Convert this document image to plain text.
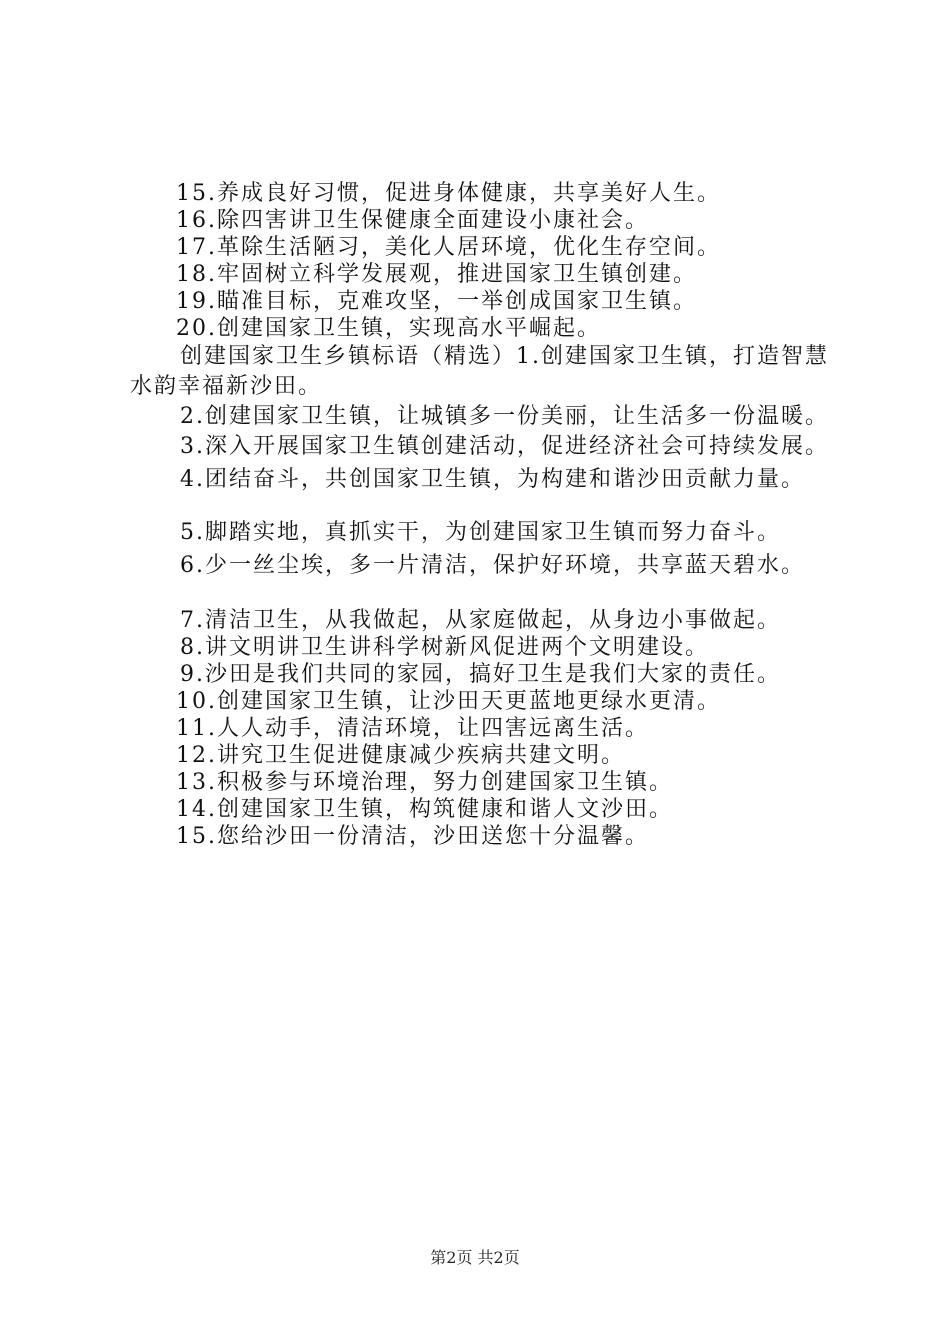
15.养成良好习惯，促进身体健康，共享美好人生。
16.除四害讲卫生保健康全面建设小康社会。
17.革除生活陋习，美化人居环境，优化生存空间。
18.牢固树立科学发展观，推进国家卫生镇创建。
19.瞄准目标，克难攻坚，一举创成国家卫生镇。
20.创建国家卫生镇，实现高水平崛起。
创建国家卫生乡镇标语（精选）1.创建国家卫生镇，打造智慧水韵幸福新沙田。
2.创建国家卫生镇，让城镇多一份美丽，让生活多一份温暖。
3.深入开展国家卫生镇创建活动，促进经济社会可持续发展。
4.团结奋斗，共创国家卫生镇，为构建和谐沙田贡献力量。
5.脚踏实地，真抓实干，为创建国家卫生镇而努力奋斗。
6.少一丝尘埃，多一片清洁，保护好环境，共享蓝天碧水。
7.清洁卫生，从我做起，从家庭做起，从身边小事做起。
8.讲文明讲卫生讲科学树新风促进两个文明建设。
9.沙田是我们共同的家园，搞好卫生是我们大家的责任。
10.创建国家卫生镇，让沙田天更蓝地更绿水更清。
11.人人动手，清洁环境，让四害远离生活。
12.讲究卫生促进健康减少疾病共建文明。
13.积极参与环境治理，努力创建国家卫生镇。
14.创建国家卫生镇，构筑健康和谐人文沙田。
15.您给沙田一份清洁，沙田送您十分温馨。
第2页 共2页
